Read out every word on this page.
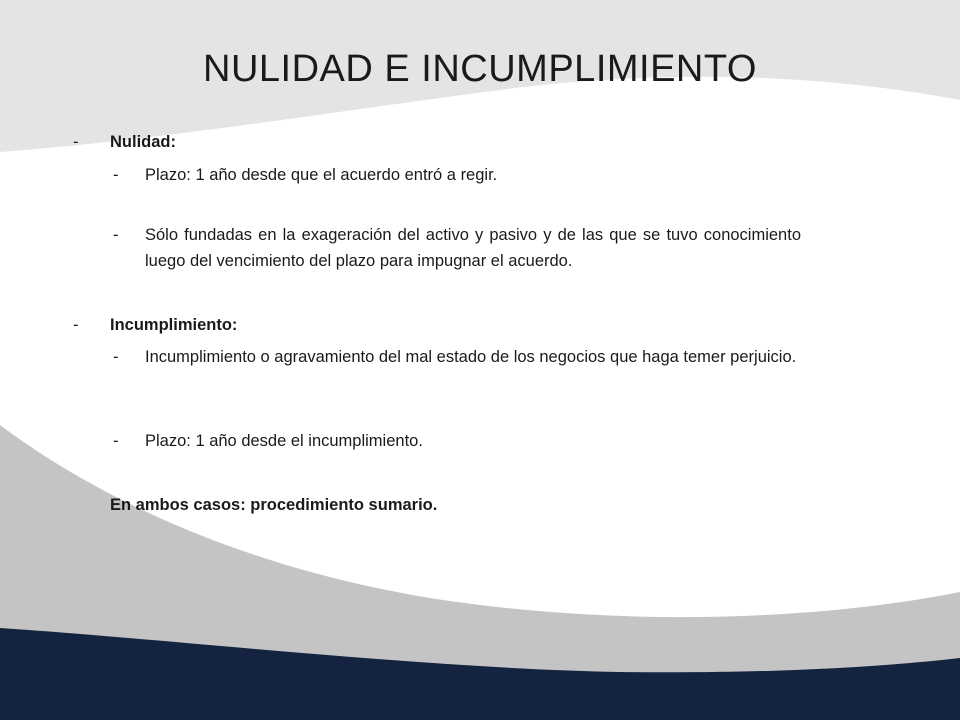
NULIDAD E INCUMPLIMIENTO
- Nulidad:
- Plazo: 1 año desde que el acuerdo entró a regir.
- Sólo fundadas en la exageración del activo y pasivo y de las que se tuvo conocimiento luego del vencimiento del plazo para impugnar el acuerdo.
- Incumplimiento:
- Incumplimiento o agravamiento del mal estado de los negocios que haga temer perjuicio.
- Plazo: 1 año desde el incumplimiento.
En ambos casos: procedimiento sumario.
